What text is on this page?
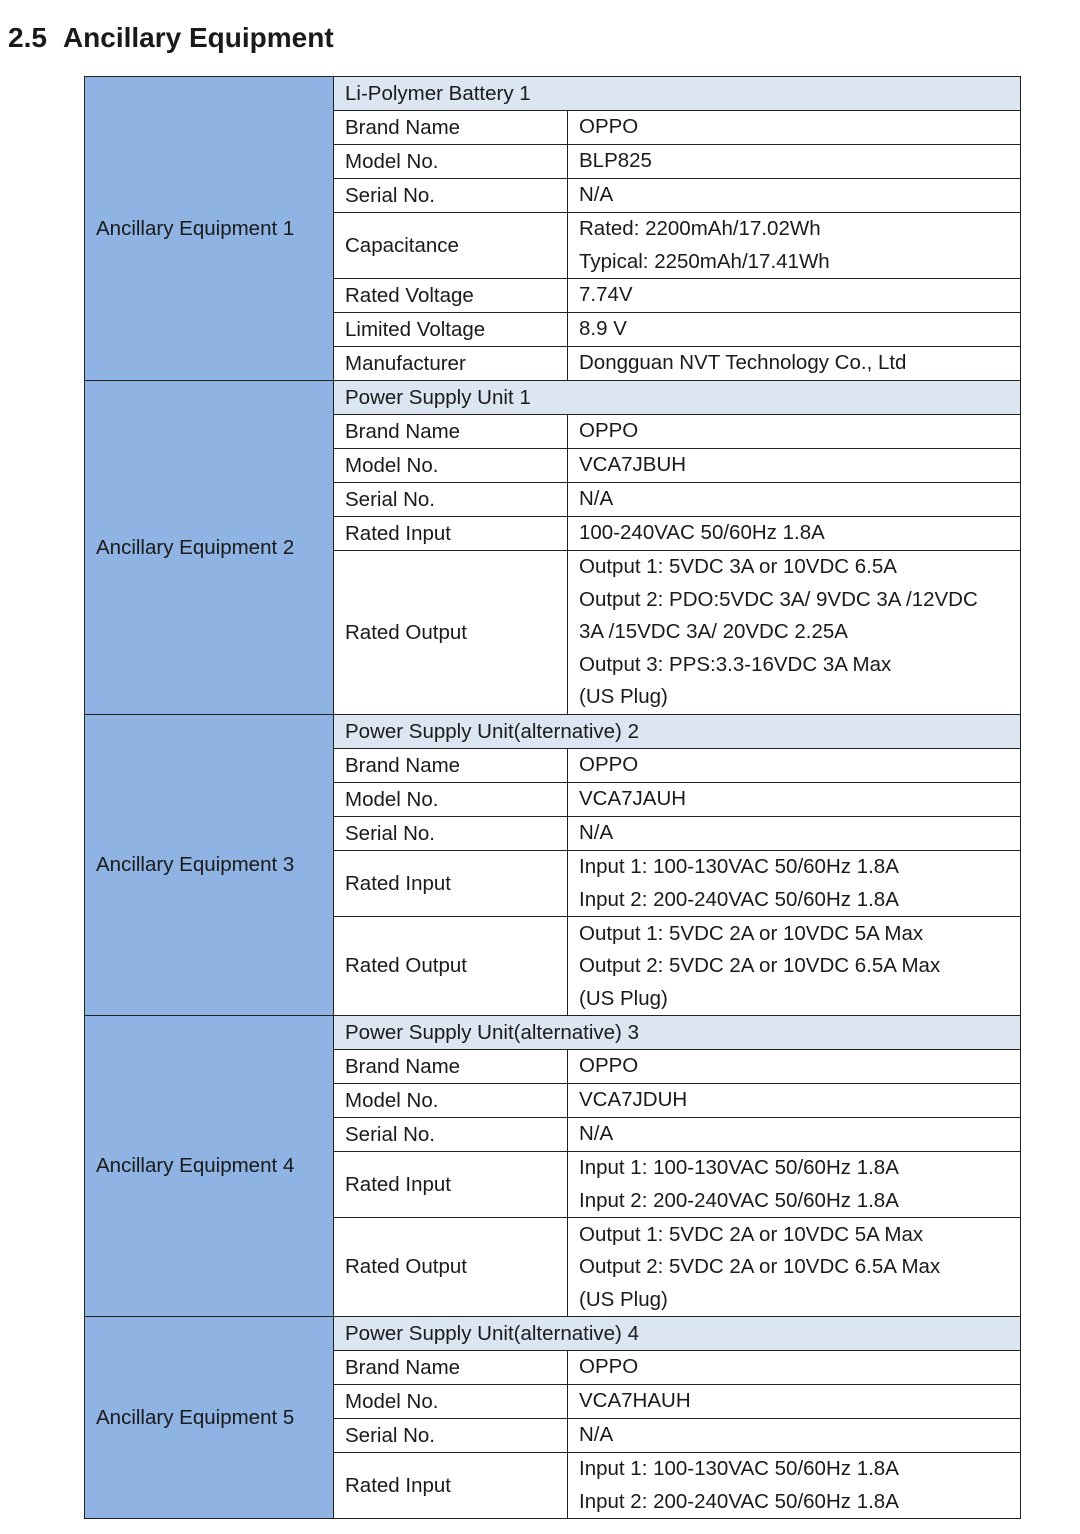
2.5 Ancillary Equipment
Ancillary Equipment 1	Li-Polymer Battery 1	
	Brand Name	OPPO

	Model No.	BLP825

	Serial No.	N/A

	Capacitance	Rated: 2200mAh/17.02Wh
Typical: 2250mAh/17.41Wh

	Rated Voltage	7.74V

	Limited Voltage	8.9 V

	Manufacturer	Dongguan NVT Technology Co., Ltd

Ancillary Equipment 2	Power Supply Unit 1	
	Brand Name	OPPO

	Model No.	VCA7JBUH

	Serial No.	N/A

	Rated Input	100-240VAC 50/60Hz 1.8A

	Rated Output	Output 1: 5VDC 3A or 10VDC 6.5A
Output 2: PDO:5VDC 3A/ 9VDC 3A /12VDC
3A /15VDC 3A/ 20VDC 2.25A
Output 3: PPS:3.3-16VDC 3A Max
(US Plug)

Ancillary Equipment 3	Power Supply Unit(alternative) 2	
	Brand Name	OPPO

	Model No.	VCA7JAUH

	Serial No.	N/A

	Rated Input	Input 1: 100-130VAC 50/60Hz 1.8A
Input 2: 200-240VAC 50/60Hz 1.8A

	Rated Output	Output 1: 5VDC 2A or 10VDC 5A Max
Output 2: 5VDC 2A or 10VDC 6.5A Max
(US Plug)

Ancillary Equipment 4	Power Supply Unit(alternative) 3	
	Brand Name	OPPO

	Model No.	VCA7JDUH

	Serial No.	N/A

	Rated Input	Input 1: 100-130VAC 50/60Hz 1.8A
Input 2: 200-240VAC 50/60Hz 1.8A

	Rated Output	Output 1: 5VDC 2A or 10VDC 5A Max
Output 2: 5VDC 2A or 10VDC 6.5A Max
(US Plug)

Ancillary Equipment 5	Power Supply Unit(alternative) 4	
	Brand Name	OPPO

	Model No.	VCA7HAUH

	Serial No.	N/A

	Rated Input	Input 1: 100-130VAC 50/60Hz 1.8A
Input 2: 200-240VAC 50/60Hz 1.8A
